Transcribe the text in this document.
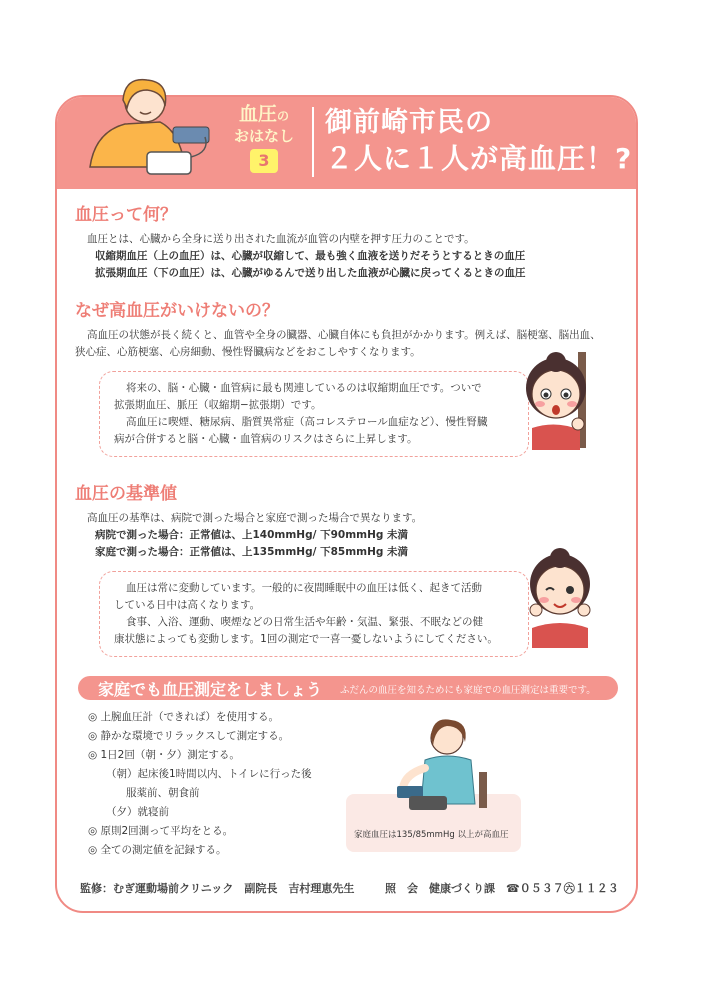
血圧の
おはなし
3
御前崎市民の
２人に１人が高血圧！?
血圧って何？
血圧とは、心臓から全身に送り出された血流が血管の内壁を押す圧力のことです。
収縮期血圧（上の血圧）は、心臓が収縮して、最も強く血液を送りだそうとするときの血圧
拡張期血圧（下の血圧）は、心臓がゆるんで送り出した血液が心臓に戻ってくるときの血圧
なぜ高血圧がいけないの？
高血圧の状態が長く続くと、血管や全身の臓器、心臓自体にも負担がかかります。例えば、脳梗塞、脳出血、
狭心症、心筋梗塞、心房細動、慢性腎臓病などをおこしやすくなります。
将来の、脳・心臓・血管病に最も関連しているのは収縮期血圧です。ついで
拡張期血圧、脈圧（収縮期−拡張期）です。
高血圧に喫煙、糖尿病、脂質異常症（高コレステロール血症など）、慢性腎臓
病が合併すると脳・心臓・血管病のリスクはさらに上昇します。
血圧の基準値
高血圧の基準は、病院で測った場合と家庭で測った場合で異なります。
病院で測った場合：正常値は、上140mmHg/ 下90mmHg 未満
家庭で測った場合：正常値は、上135mmHg/ 下85mmHg 未満
血圧は常に変動しています。一般的に夜間睡眠中の血圧は低く、起きて活動
している日中は高くなります。
食事、入浴、運動、喫煙などの日常生活や年齢・気温、緊張、不眠などの健
康状態によっても変動します。1回の測定で一喜一憂しないようにしてください。
家庭でも血圧測定をしましょう ふだんの血圧を知るためにも家庭での血圧測定は重要です。
◎ 上腕血圧計（できれば）を使用する。
◎ 静かな環境でリラックスして測定する。
◎ 1日2回（朝・夕）測定する。
（朝）起床後1時間以内、トイレに行った後
服薬前、朝食前
（夕）就寝前
◎ 原則2回測って平均をとる。
◎ 全ての測定値を記録する。
家庭血圧は135/85mmHg 以上が高血圧
監修：むぎ運動場前クリニック　副院長　吉村理恵先生	照　会　健康づくり課　☎０５３７㊅１１２３
